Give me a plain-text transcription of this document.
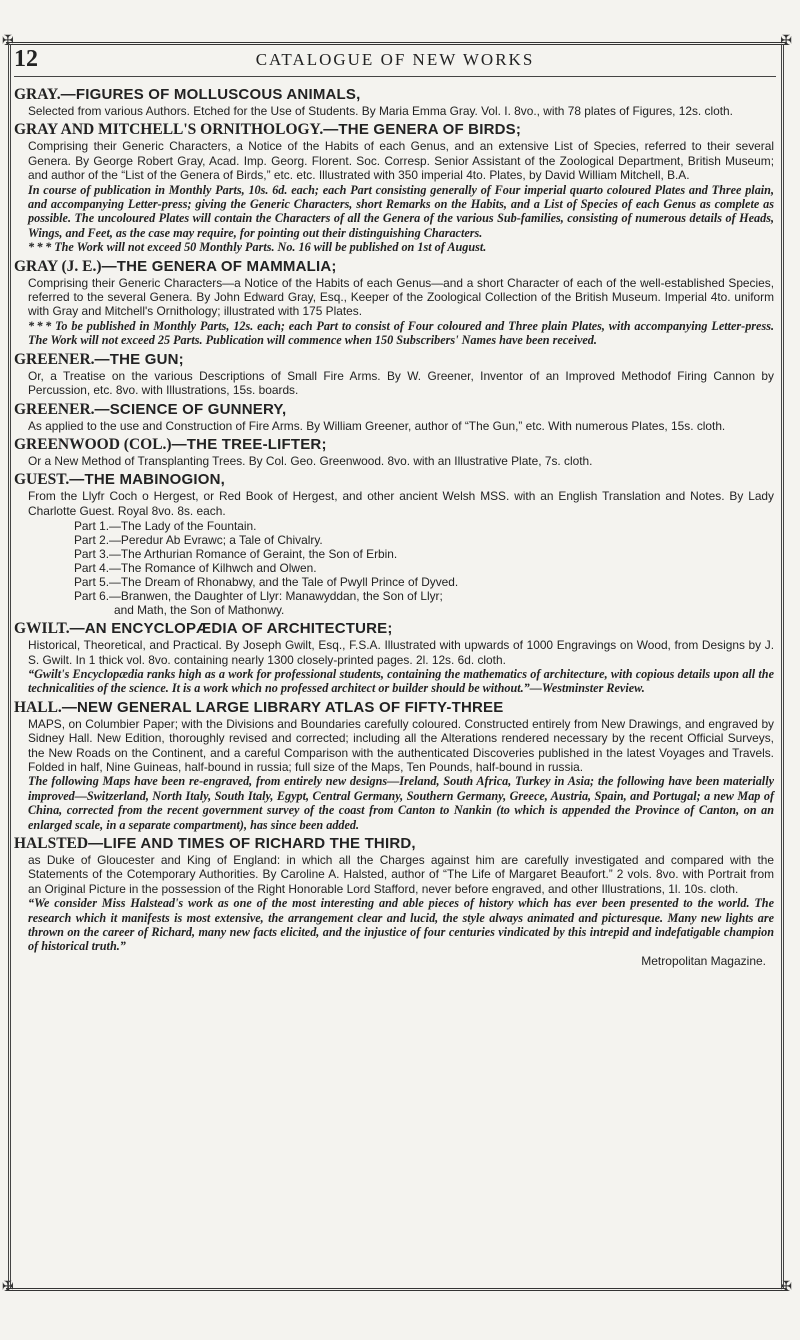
✠	✠
✠	✠
12	CATALOGUE OF NEW WORKS

GRAY.—FIGURES OF MOLLUSCOUS ANIMALS,

Selected from various Authors. Etched for the Use of Students. By Maria Emma Gray. Vol. I. 8vo., with 78 plates of Figures, 12s. cloth.

GRAY AND MITCHELL'S ORNITHOLOGY.—THE GENERA OF BIRDS;

Comprising their Generic Characters, a Notice of the Habits of each Genus, and an extensive List of Species, referred to their several Genera. By George Robert Gray, Acad. Imp. Georg. Florent. Soc. Corresp. Senior Assistant of the Zoological Department, British Museum; and author of the “List of the Genera of Birds,” etc. etc. Illustrated with 350 imperial 4to. Plates, by David William Mitchell, B.A.

In course of publication in Monthly Parts, 10s. 6d. each; each Part consisting generally of Four imperial quarto coloured Plates and Three plain, and accompanying Letter-press; giving the Generic Characters, short Remarks on the Habits, and a List of Species of each Genus as complete as possible. The uncoloured Plates will contain the Characters of all the Genera of the various Sub-families, consisting of numerous details of Heads, Wings, and Feet, as the case may require, for pointing out their distinguishing Characters.

* * * The Work will not exceed 50 Monthly Parts. No. 16 will be published on 1st of August.

GRAY (J. E.)—THE GENERA OF MAMMALIA;

Comprising their Generic Characters—a Notice of the Habits of each Genus—and a short Character of each of the well-established Species, referred to the several Genera. By John Edward Gray, Esq., Keeper of the Zoological Collection of the British Museum. Imperial 4to. uniform with Gray and Mitchell's Ornithology; illustrated with 175 Plates.

* * * To be published in Monthly Parts, 12s. each; each Part to consist of Four coloured and Three plain Plates, with accompanying Letter-press. The Work will not exceed 25 Parts. Publication will commence when 150 Subscribers' Names have been received.

GREENER.—THE GUN;

Or, a Treatise on the various Descriptions of Small Fire Arms. By W. Greener, Inventor of an Improved Methodof Firing Cannon by Percussion, etc. 8vo. with Illustrations, 15s. boards.

GREENER.—SCIENCE OF GUNNERY,

As applied to the use and Construction of Fire Arms. By William Greener, author of “The Gun,” etc. With numerous Plates, 15s. cloth.

GREENWOOD (COL.)—THE TREE-LIFTER;

Or a New Method of Transplanting Trees. By Col. Geo. Greenwood. 8vo. with an Illustrative Plate, 7s. cloth.

GUEST.—THE MABINOGION,

From the Llyfr Coch o Hergest, or Red Book of Hergest, and other ancient Welsh MSS. with an English Translation and Notes. By Lady Charlotte Guest. Royal 8vo. 8s. each.

Part 1.—The Lady of the Fountain.
Part 2.—Peredur Ab Evrawc; a Tale of Chivalry.
Part 3.—The Arthurian Romance of Geraint, the Son of Erbin.
Part 4.—The Romance of Kilhwch and Olwen.
Part 5.—The Dream of Rhonabwy, and the Tale of Pwyll Prince of Dyved.
Part 6.—Branwen, the Daughter of Llyr: Manawyddan, the Son of Llyr;
and Math, the Son of Mathonwy.

GWILT.—AN ENCYCLOPÆDIA OF ARCHITECTURE;

Historical, Theoretical, and Practical. By Joseph Gwilt, Esq., F.S.A. Illustrated with upwards of 1000 Engravings on Wood, from Designs by J. S. Gwilt. In 1 thick vol. 8vo. containing nearly 1300 closely-printed pages. 2l. 12s. 6d. cloth.

“Gwilt's Encyclopædia ranks high as a work for professional students, containing the mathematics of architecture, with copious details upon all the technicalities of the science. It is a work which no professed architect or builder should be without.”—Westminster Review.

HALL.—NEW GENERAL LARGE LIBRARY ATLAS OF FIFTY-THREE

MAPS, on Columbier Paper; with the Divisions and Boundaries carefully coloured. Constructed entirely from New Drawings, and engraved by Sidney Hall. New Edition, thoroughly revised and corrected; including all the Alterations rendered necessary by the recent Official Surveys, the New Roads on the Continent, and a careful Comparison with the authenticated Discoveries published in the latest Voyages and Travels. Folded in half, Nine Guineas, half-bound in russia; full size of the Maps, Ten Pounds, half-bound in russia.

The following Maps have been re-engraved, from entirely new designs—Ireland, South Africa, Turkey in Asia; the following have been materially improved—Switzerland, North Italy, South Italy, Egypt, Central Germany, Southern Germany, Greece, Austria, Spain, and Portugal; a new Map of China, corrected from the recent government survey of the coast from Canton to Nankin (to which is appended the Province of Canton, on an enlarged scale, in a separate compartment), has since been added.

HALSTED—LIFE AND TIMES OF RICHARD THE THIRD,

as Duke of Gloucester and King of England: in which all the Charges against him are carefully investigated and compared with the Statements of the Cotemporary Authorities. By Caroline A. Halsted, author of “The Life of Margaret Beaufort.” 2 vols. 8vo. with Portrait from an Original Picture in the possession of the Right Honorable Lord Stafford, never before engraved, and other Illustrations, 1l. 10s. cloth.

“We consider Miss Halstead's work as one of the most interesting and able pieces of history which has ever been presented to the world. The research which it manifests is most extensive, the arrangement clear and lucid, the style always animated and picturesque. Many new lights are thrown on the career of Richard, many new facts elicited, and the injustice of four centuries vindicated by this intrepid and indefatigable champion of historical truth.”

Metropolitan Magazine.
